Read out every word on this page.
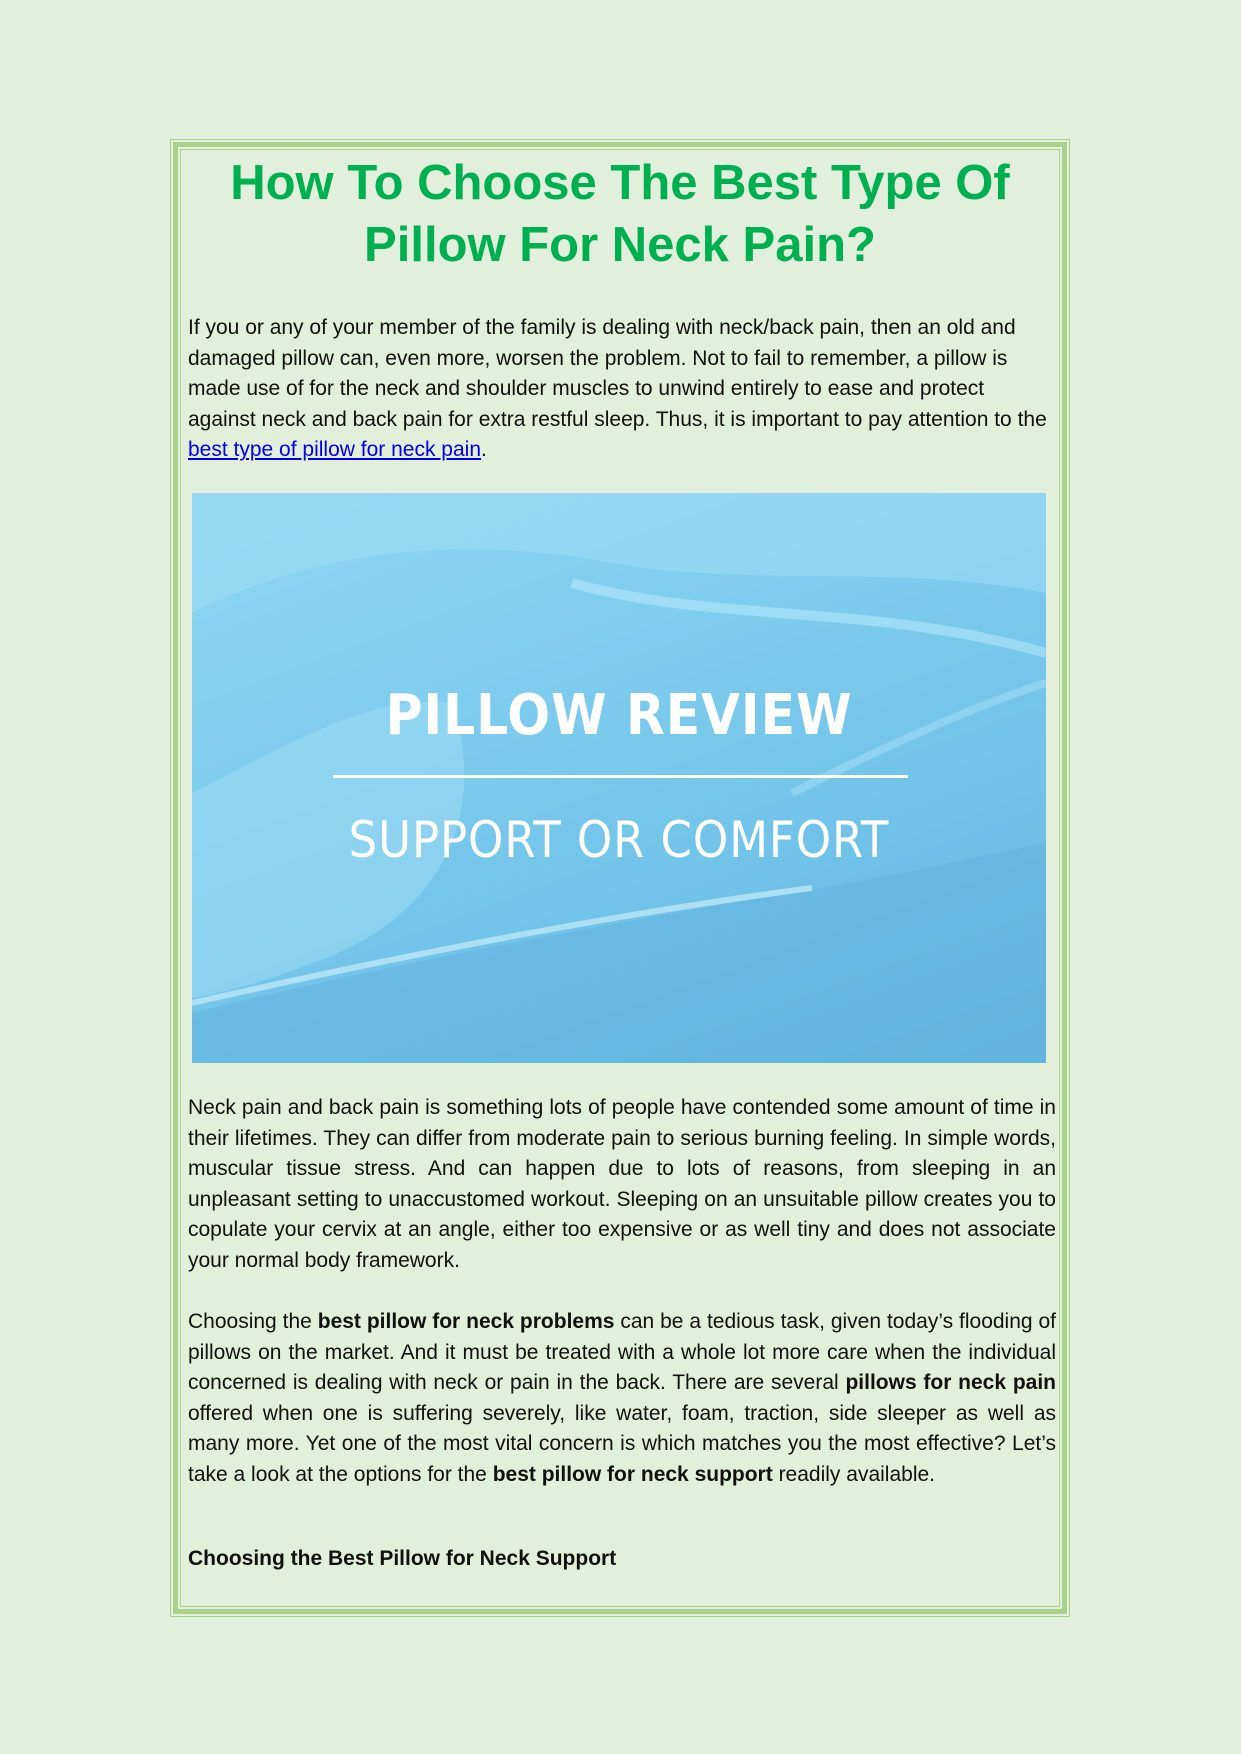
How To Choose The Best Type Of
Pillow For Neck Pain?

If you or any of your member of the family is dealing with neck/back pain, then an old and damaged pillow can, even more, worsen the problem. Not to fail to remember, a pillow is made use of for the neck and shoulder muscles to unwind entirely to ease and protect against neck and back pain for extra restful sleep. Thus, it is important to pay attention to the best type of pillow for neck pain.

PILLOW REVIEW
SUPPORT OR COMFORT

Neck pain and back pain is something lots of people have contended some amount of time in their lifetimes. They can differ from moderate pain to serious burning feeling. In simple words, muscular tissue stress. And can happen due to lots of reasons, from sleeping in an unpleasant setting to unaccustomed workout. Sleeping on an unsuitable pillow creates you to copulate your cervix at an angle, either too expensive or as well tiny and does not associate your normal body framework.

Choosing the best pillow for neck problems can be a tedious task, given today’s flooding of pillows on the market. And it must be treated with a whole lot more care when the individual concerned is dealing with neck or pain in the back. There are several pillows for neck pain offered when one is suffering severely, like water, foam, traction, side sleeper as well as many more. Yet one of the most vital concern is which matches you the most effective? Let’s take a look at the options for the best pillow for neck support readily available.

Choosing the Best Pillow for Neck Support
